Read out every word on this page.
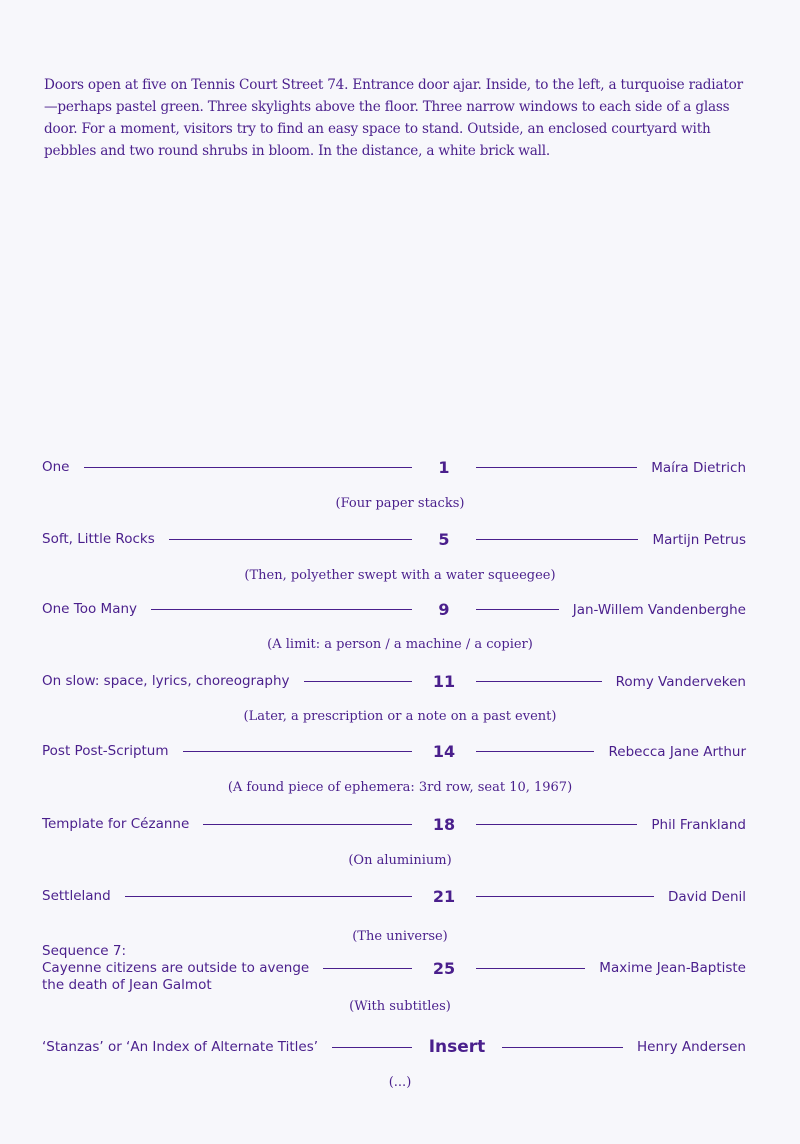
Doors open at five on Tennis Court Street 74. Entrance door ajar. Inside, to the left, a turquoise radiator—perhaps pastel green. Three skylights above the floor. Three narrow windows to each side of a glass door. For a moment, visitors try to find an easy space to stand. Outside, an enclosed courtyard with pebbles and two round shrubs in bloom. In the distance, a white brick wall.
One	1	Maíra Dietrich
(Four paper stacks)
Soft, Little Rocks	5	Martijn Petrus
(Then, polyether swept with a water squeegee)
One Too Many	9	Jan-Willem Vandenberghe
(A limit: a person / a machine / a copier)
On slow: space, lyrics, choreography	11	Romy Vanderveken
(Later, a prescription or a note on a past event)
Post Post-Scriptum	14	Rebecca Jane Arthur
(A found piece of ephemera: 3rd row, seat 10, 1967)
Template for Cézanne	18	Phil Frankland
(On aluminium)
Settleland	21	David Denil
(The universe)
Sequence 7:
Cayenne citizens are outside to avenge
the death of Jean Galmot
25	Maxime Jean-Baptiste
(With subtitles)
‘Stanzas’ or ‘An Index of Alternate Titles’	Insert	Henry Andersen
(...)
